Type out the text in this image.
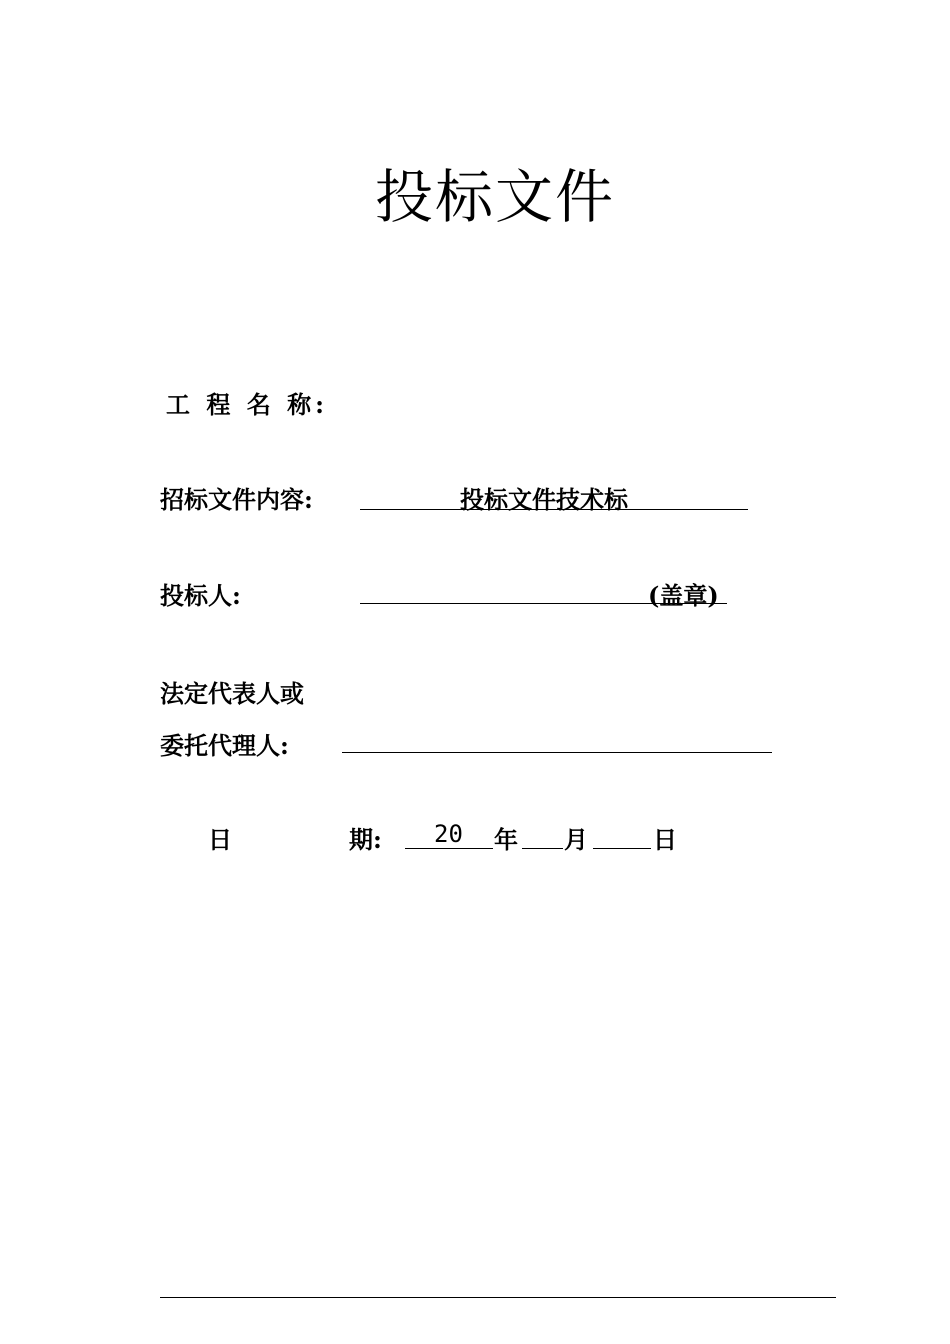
投标文件
工 程 名 称:
招标文件内容:	投标文件技术标
投标人:	(盖章)
法定代表人或
委托代理人:
日	期: 20 年 月	日
